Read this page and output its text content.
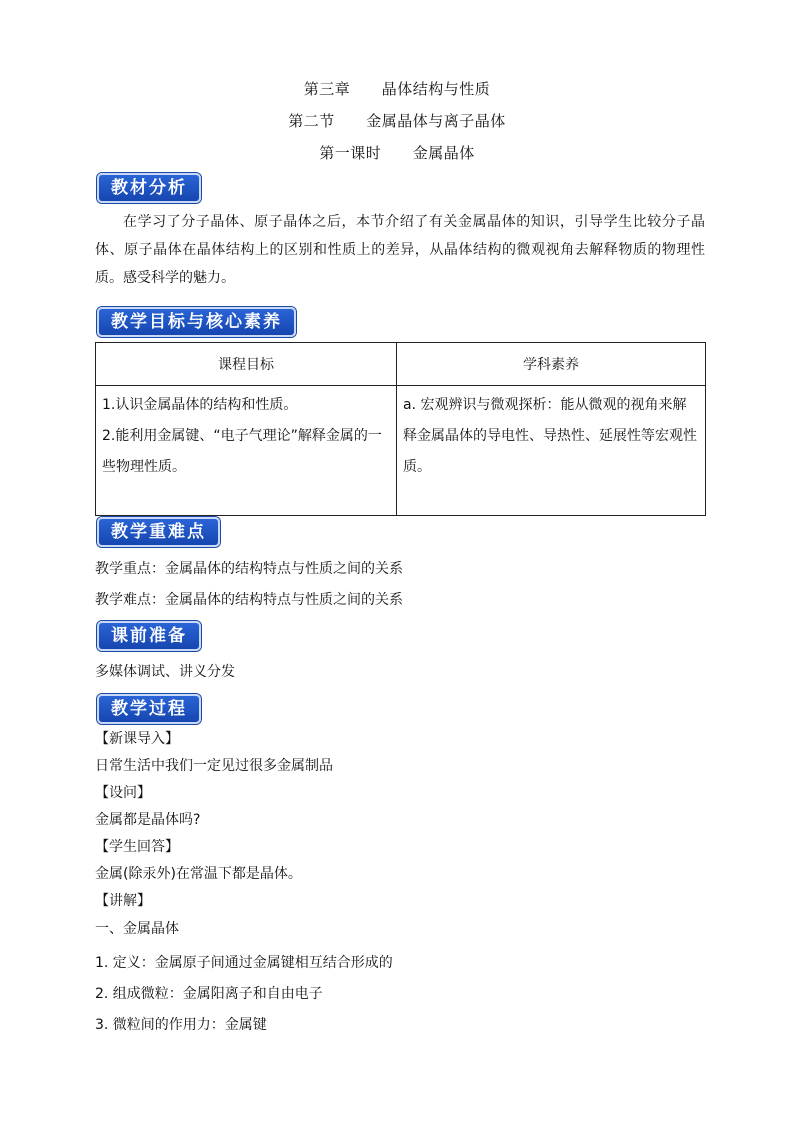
第三章      晶体结构与性质
第二节      金属晶体与离子晶体
第一课时      金属晶体
教材分析
在学习了分子晶体、原子晶体之后，本节介绍了有关金属晶体的知识，引导学生比较分子晶体、原子晶体在晶体结构上的区别和性质上的差异，从晶体结构的微观视角去解释物质的物理性质。感受科学的魅力。
教学目标与核心素养
课程目标	学科素养

1.认识金属晶体的结构和性质。
2.能利用金属键、“电子气理论”解释金属的一些物理性质。	a. 宏观辨识与微观探析：能从微观的视角来解释金属晶体的导电性、导热性、延展性等宏观性质。
教学重难点
教学重点：金属晶体的结构特点与性质之间的关系
教学难点：金属晶体的结构特点与性质之间的关系
课前准备
多媒体调试、讲义分发
教学过程
【新课导入】
日常生活中我们一定见过很多金属制品
【设问】
金属都是晶体吗?
【学生回答】
金属(除汞外)在常温下都是晶体。
【讲解】
一、金属晶体
1. 定义：金属原子间通过金属键相互结合形成的
2. 组成微粒：金属阳离子和自由电子
3. 微粒间的作用力：金属键
